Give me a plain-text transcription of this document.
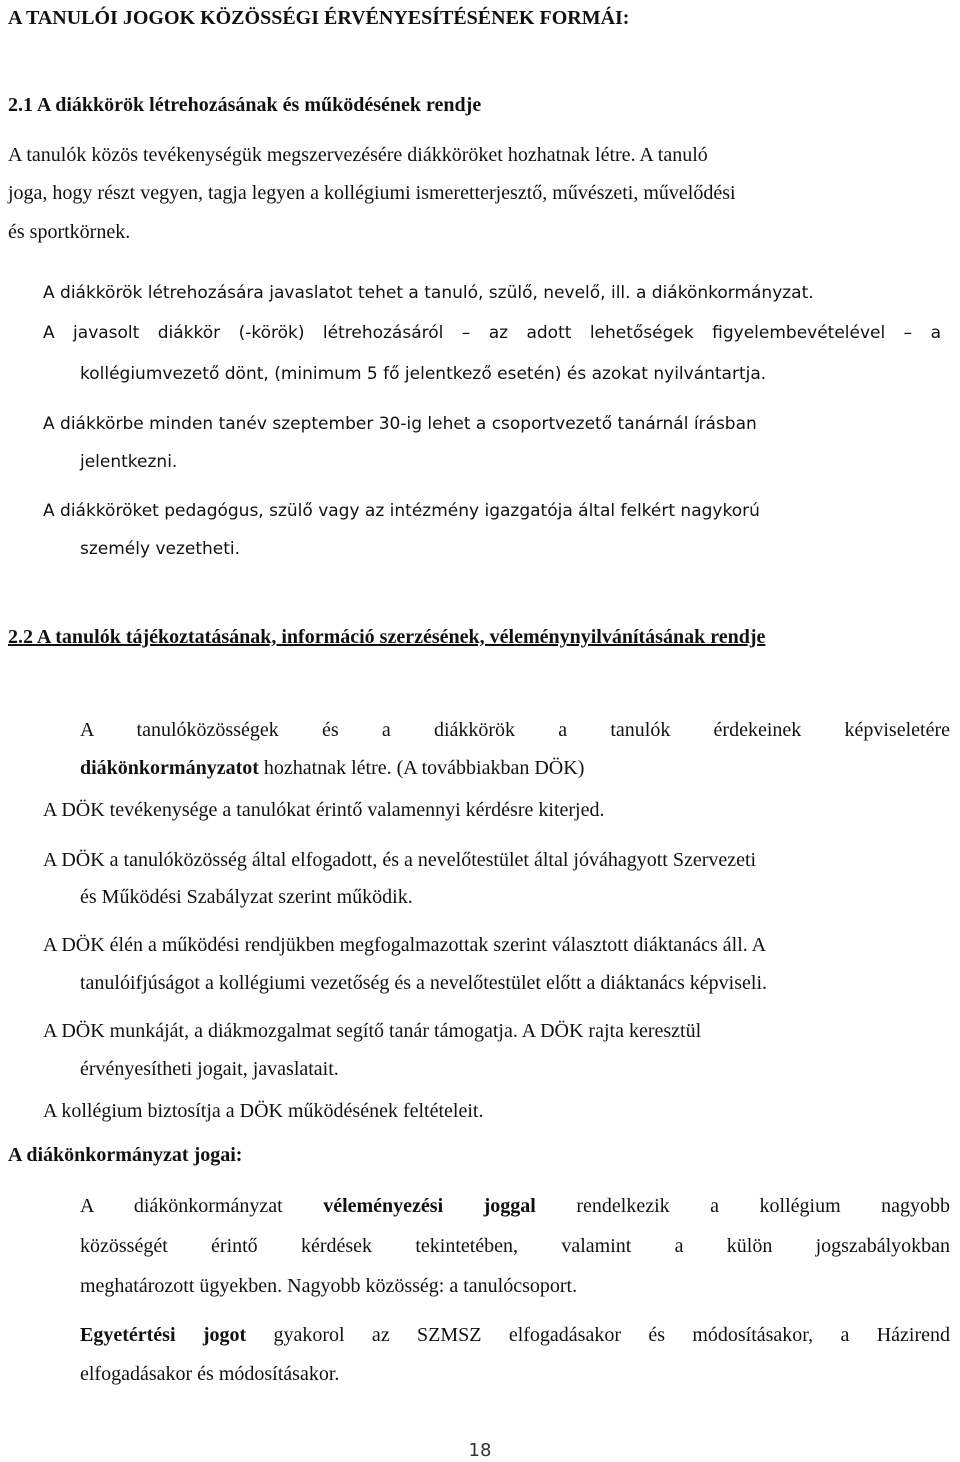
A TANULÓI JOGOK KÖZÖSSÉGI ÉRVÉNYESÍTÉSÉNEK FORMÁI:
2.1 A diákkörök létrehozásának és működésének rendje
A tanulók közös tevékenységük megszervezésére diákköröket hozhatnak létre. A tanuló
joga, hogy részt vegyen, tagja legyen a kollégiumi ismeretterjesztő, művészeti, művelődési
és sportkörnek.
A diákkörök létrehozására javaslatot tehet a tanuló, szülő, nevelő, ill. a diákönkormányzat.
A javasolt diákkör (-körök) létrehozásáról – az adott lehetőségek figyelembevételével – a
kollégiumvezető dönt, (minimum 5 fő jelentkező esetén) és azokat nyilvántartja.
A diákkörbe minden tanév szeptember 30-ig lehet a csoportvezető tanárnál írásban
jelentkezni.
A diákköröket pedagógus, szülő vagy az intézmény igazgatója által felkért nagykorú
személy vezetheti.
2.2 A tanulók tájékoztatásának, információ szerzésének, véleménynyilvánításának rendje
A tanulóközösségek és a diákkörök a tanulók érdekeinek képviseletére
diákönkormányzatot hozhatnak létre. (A továbbiakban DÖK)
A DÖK tevékenysége a tanulókat érintő valamennyi kérdésre kiterjed.
A DÖK a tanulóközösség által elfogadott, és a nevelőtestület által jóváhagyott Szervezeti
és Működési Szabályzat szerint működik.
A DÖK élén a működési rendjükben megfogalmazottak szerint választott diáktanács áll. A
tanulóifjúságot a kollégiumi vezetőség és a nevelőtestület előtt a diáktanács képviseli.
A DÖK munkáját, a diákmozgalmat segítő tanár támogatja. A DÖK rajta keresztül
érvényesítheti jogait, javaslatait.
A kollégium biztosítja a DÖK működésének feltételeit.
A diákönkormányzat jogai:
A diákönkormányzat véleményezési joggal rendelkezik a kollégium nagyobb
közösségét érintő kérdések tekintetében, valamint a külön jogszabályokban
meghatározott ügyekben. Nagyobb közösség: a tanulócsoport.
Egyetértési jogot gyakorol az SZMSZ elfogadásakor és módosításakor, a Házirend
elfogadásakor és módosításakor.
18
